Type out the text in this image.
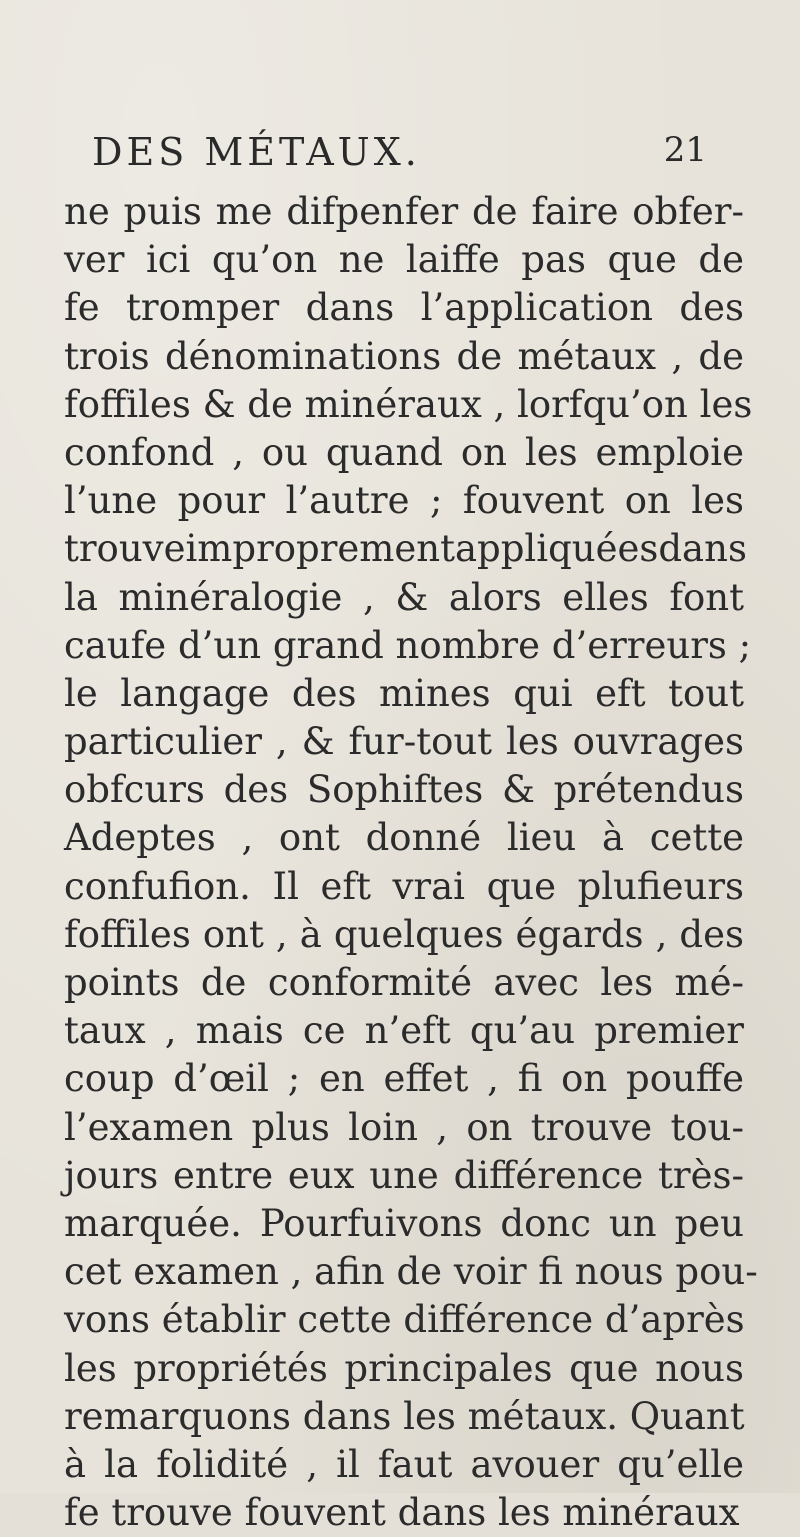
DES MÉTAUX.	21
ne puis me difpenfer de faire obfer-
ver ici qu’on ne laiffe pas que de
fe tromper dans l’application des
trois dénominations de métaux , de
foffiles & de minéraux , lorfqu’on les
confond , ou quand on les emploie
l’une pour l’autre ; fouvent on les
trouveimproprementappliquéesdans
la minéralogie , & alors elles font
caufe d’un grand nombre d’erreurs ;
le langage des mines qui eft tout
particulier , & fur-tout les ouvrages
obfcurs des Sophiftes & prétendus
Adeptes , ont donné lieu à cette
confufion. Il eft vrai que plufieurs
foffiles ont , à quelques égards , des
points de conformité avec les mé-
taux , mais ce n’eft qu’au premier
coup d’œil ; en effet , fi on pouffe
l’examen plus loin , on trouve tou-
jours entre eux une différence très-
marquée. Pourfuivons donc un peu
cet examen , afin de voir fi nous pou-
vons établir cette différence d’après
les propriétés principales que nous
remarquons dans les métaux. Quant
à la folidité , il faut avouer qu’elle
fe trouve fouvent dans les minéraux
